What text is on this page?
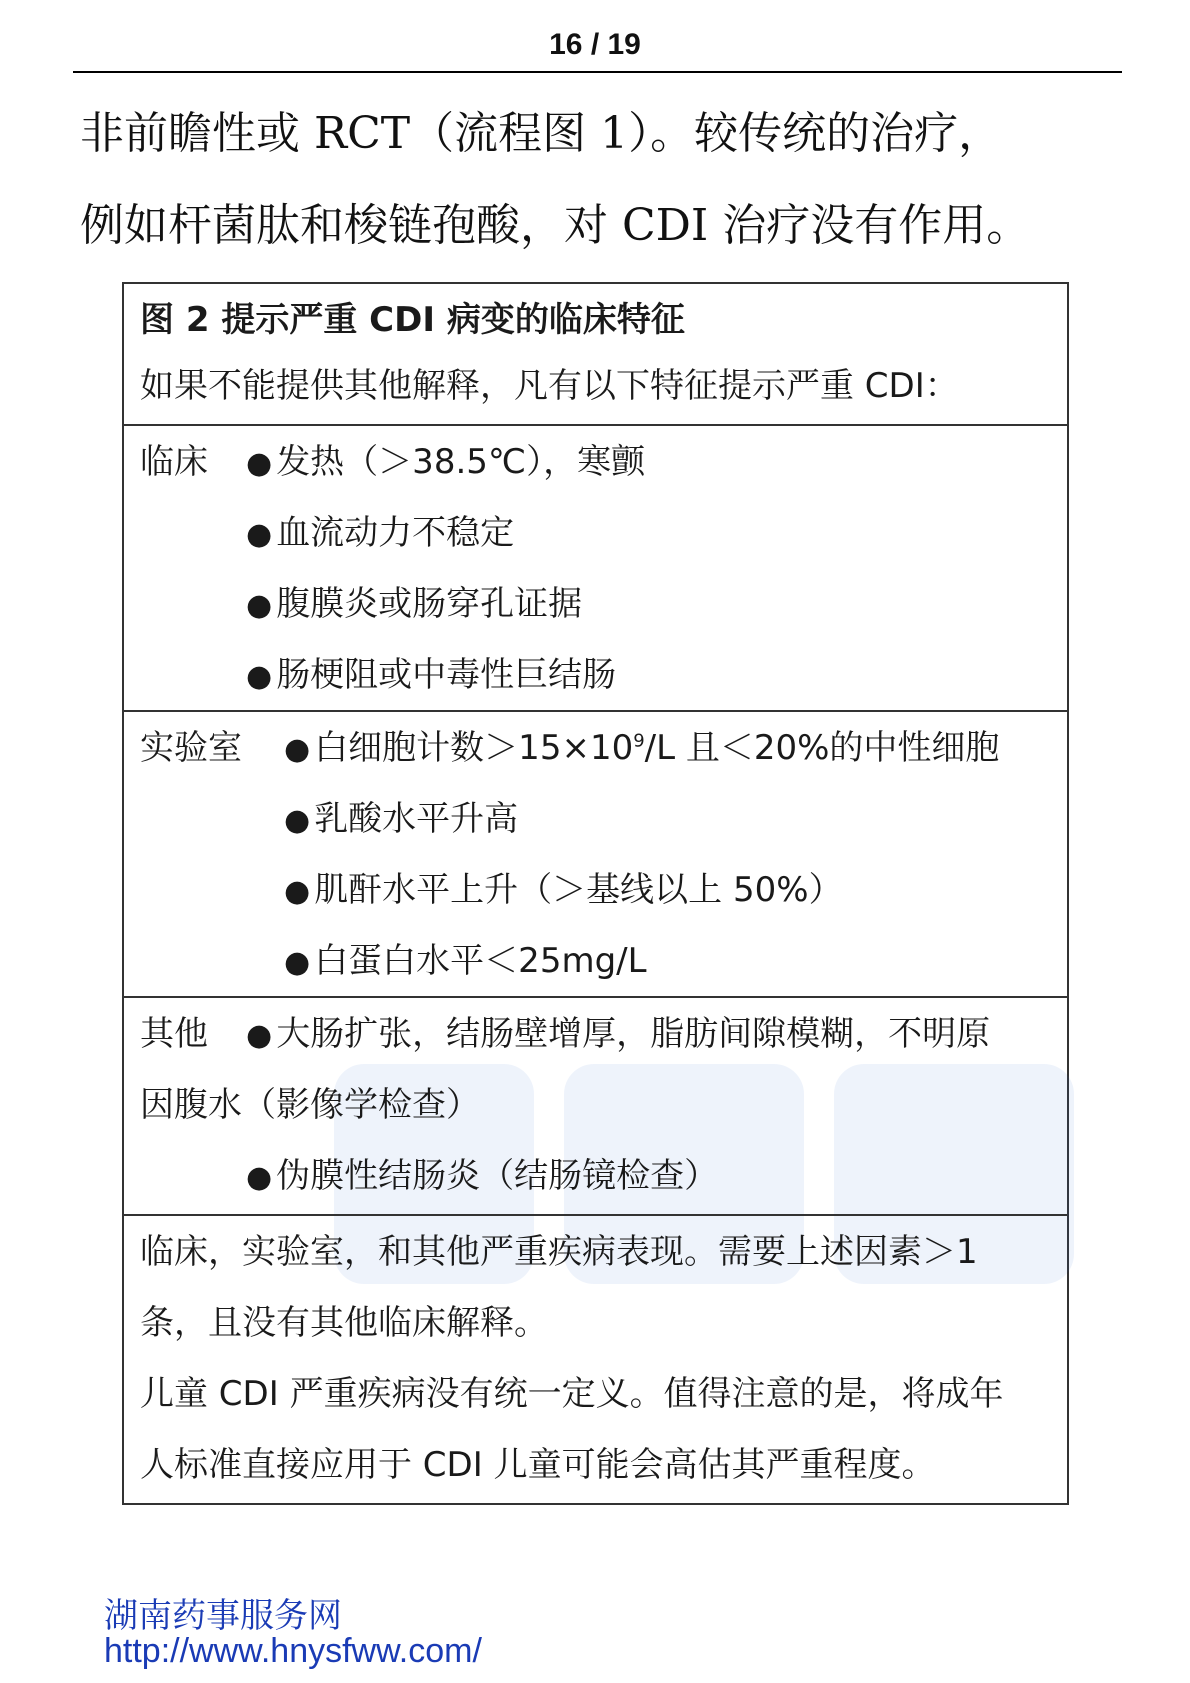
16 / 19
非前瞻性或 RCT（流程图 1）。较传统的治疗，
例如杆菌肽和梭链孢酸，对 CDI 治疗没有作用。
图 2 提示严重 CDI 病变的临床特征
如果不能提供其他解释，凡有以下特征提示严重 CDI：
临床 ● 发热（＞38.5℃），寒颤
● 血流动力不稳定
● 腹膜炎或肠穿孔证据
● 肠梗阻或中毒性巨结肠
实验室 ● 白细胞计数$>15\times 10^9/L$ 且＜20%的中性细胞
● 乳酸水平升高
● 肌酐水平上升（＞基线以上 50%）
● 白蛋白水平＜25mg/L
其他 ● 大肠扩张，结肠壁增厚，脂肪间隙模糊，不明原
因腹水（影像学检查）
● 伪膜性结肠炎（结肠镜检查）
临床，实验室，和其他严重疾病表现。需要上述因素＞1
条，且没有其他临床解释。
儿童 CDI 严重疾病没有统一定义。值得注意的是，将成年
人标准直接应用于 CDI 儿童可能会高估其严重程度。
湖南药事服务网
http://www.hnysfww.com/
